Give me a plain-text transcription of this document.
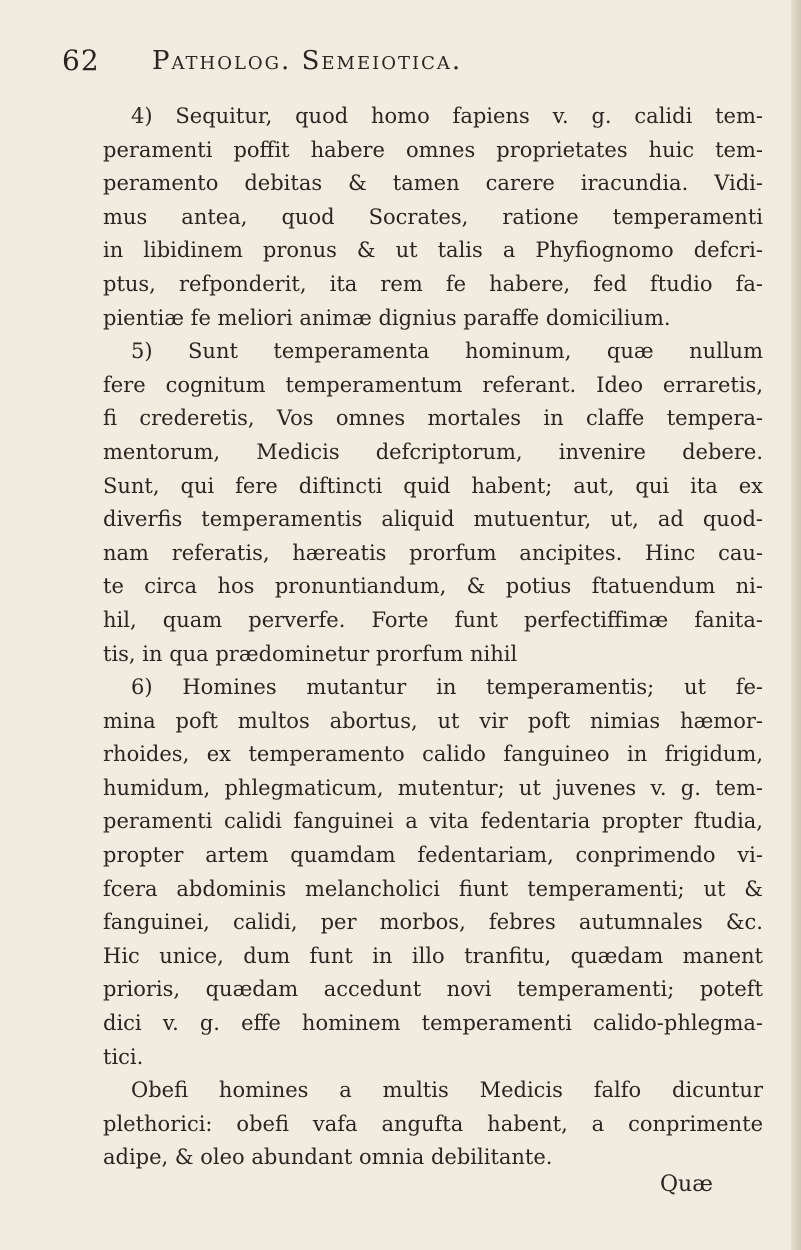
62 Patholog. Semeiotica.
4) Sequitur, quod homo fapiens v. g. calidi tem-
peramenti poffit habere omnes proprietates huic tem-
peramento debitas & tamen carere iracundia. Vidi-
mus antea, quod Socrates, ratione temperamenti
in libidinem pronus & ut talis a Phyfiognomo defcri-
ptus, refponderit, ita rem fe habere, fed ftudio fa-
pientiæ fe meliori animæ dignius paraffe domicilium.
5) Sunt temperamenta hominum, quæ nullum
fere cognitum temperamentum referant. Ideo erraretis,
fi crederetis, Vos omnes mortales in claffe tempera-
mentorum, Medicis defcriptorum, invenire debere.
Sunt, qui fere diftincti quid habent; aut, qui ita ex
diverfis temperamentis aliquid mutuentur, ut, ad quod-
nam referatis, hæreatis prorfum ancipites. Hinc cau-
te circa hos pronuntiandum, & potius ftatuendum ni-
hil, quam perverfe. Forte funt perfectiffimæ fanita-
tis, in qua prædominetur prorfum nihil
6) Homines mutantur in temperamentis; ut fe-
mina poft multos abortus, ut vir poft nimias hæmor-
rhoides, ex temperamento calido fanguineo in frigidum,
humidum, phlegmaticum, mutentur; ut juvenes v. g. tem-
peramenti calidi fanguinei a vita fedentaria propter ftudia,
propter artem quamdam fedentariam, conprimendo vi-
fcera abdominis melancholici fiunt temperamenti; ut &
fanguinei, calidi, per morbos, febres autumnales &c.
Hic unice, dum funt in illo tranfitu, quædam manent
prioris, quædam accedunt novi temperamenti; poteft
dici v. g. effe hominem temperamenti calido-phlegma-
tici.
Obefi homines a multis Medicis falfo dicuntur
plethorici: obefi vafa angufta habent, a conprimente
adipe, & oleo abundant omnia debilitante.
Quæ
